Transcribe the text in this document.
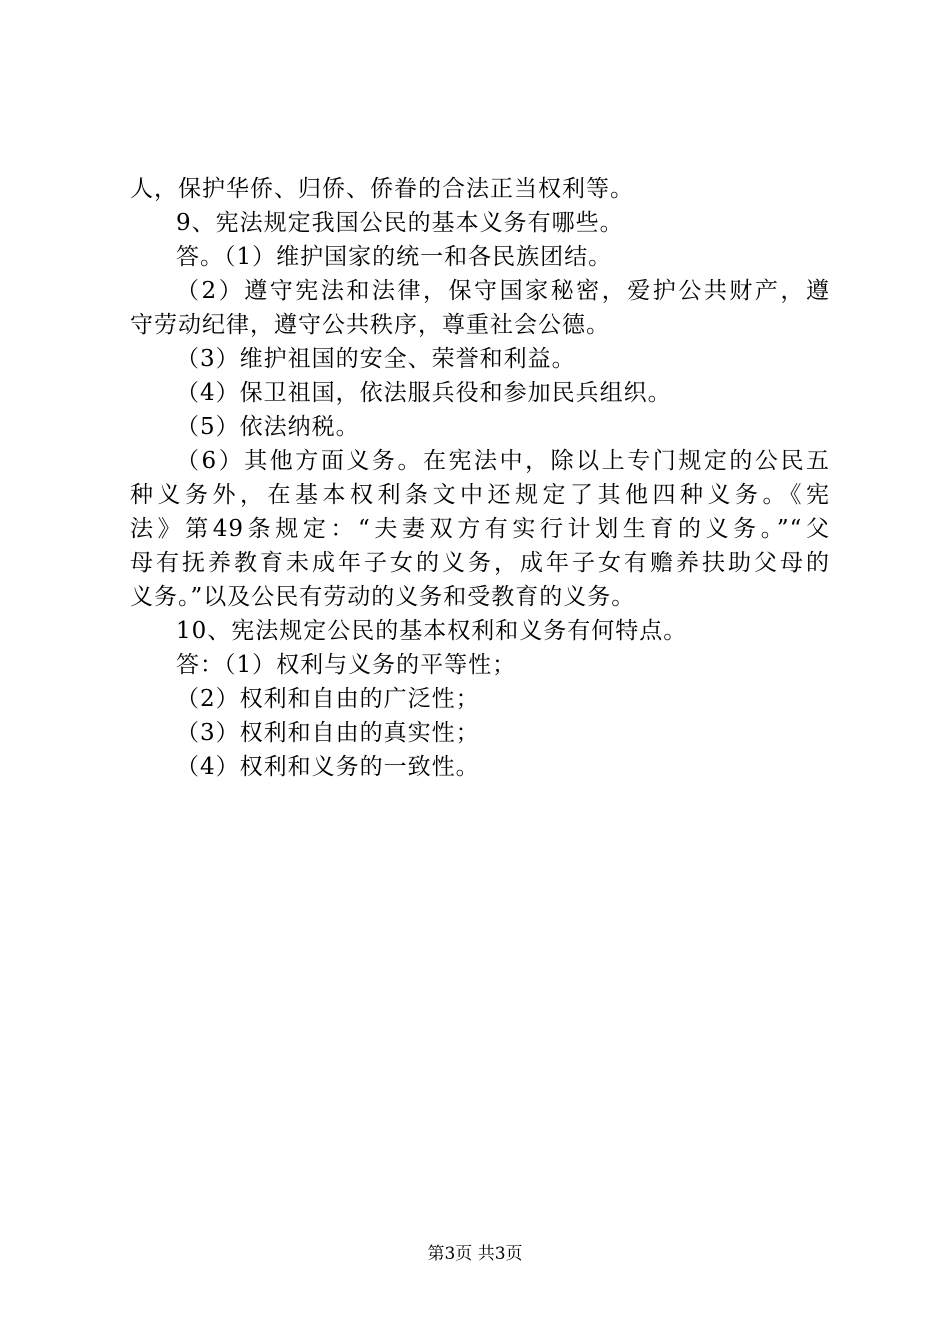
人，保护华侨、归侨、侨眷的合法正当权利等。
9、宪法规定我国公民的基本义务有哪些。
答。（1）维护国家的统一和各民族团结。
（2）遵守宪法和法律，保守国家秘密，爱护公共财产，遵
守劳动纪律，遵守公共秩序，尊重社会公德。
（3）维护祖国的安全、荣誉和利益。
（4）保卫祖国，依法服兵役和参加民兵组织。
（5）依法纳税。
（6）其他方面义务。在宪法中，除以上专门规定的公民五
种义务外，在基本权利条文中还规定了其他四种义务。《宪
法》第49条规定：“夫妻双方有实行计划生育的义务。”“父
母有抚养教育未成年子女的义务，成年子女有赡养扶助父母的
义务。”以及公民有劳动的义务和受教育的义务。
10、宪法规定公民的基本权利和义务有何特点。
答：（1）权利与义务的平等性；
（2）权利和自由的广泛性；
（3）权利和自由的真实性；
（4）权利和义务的一致性。
第3页 共3页
